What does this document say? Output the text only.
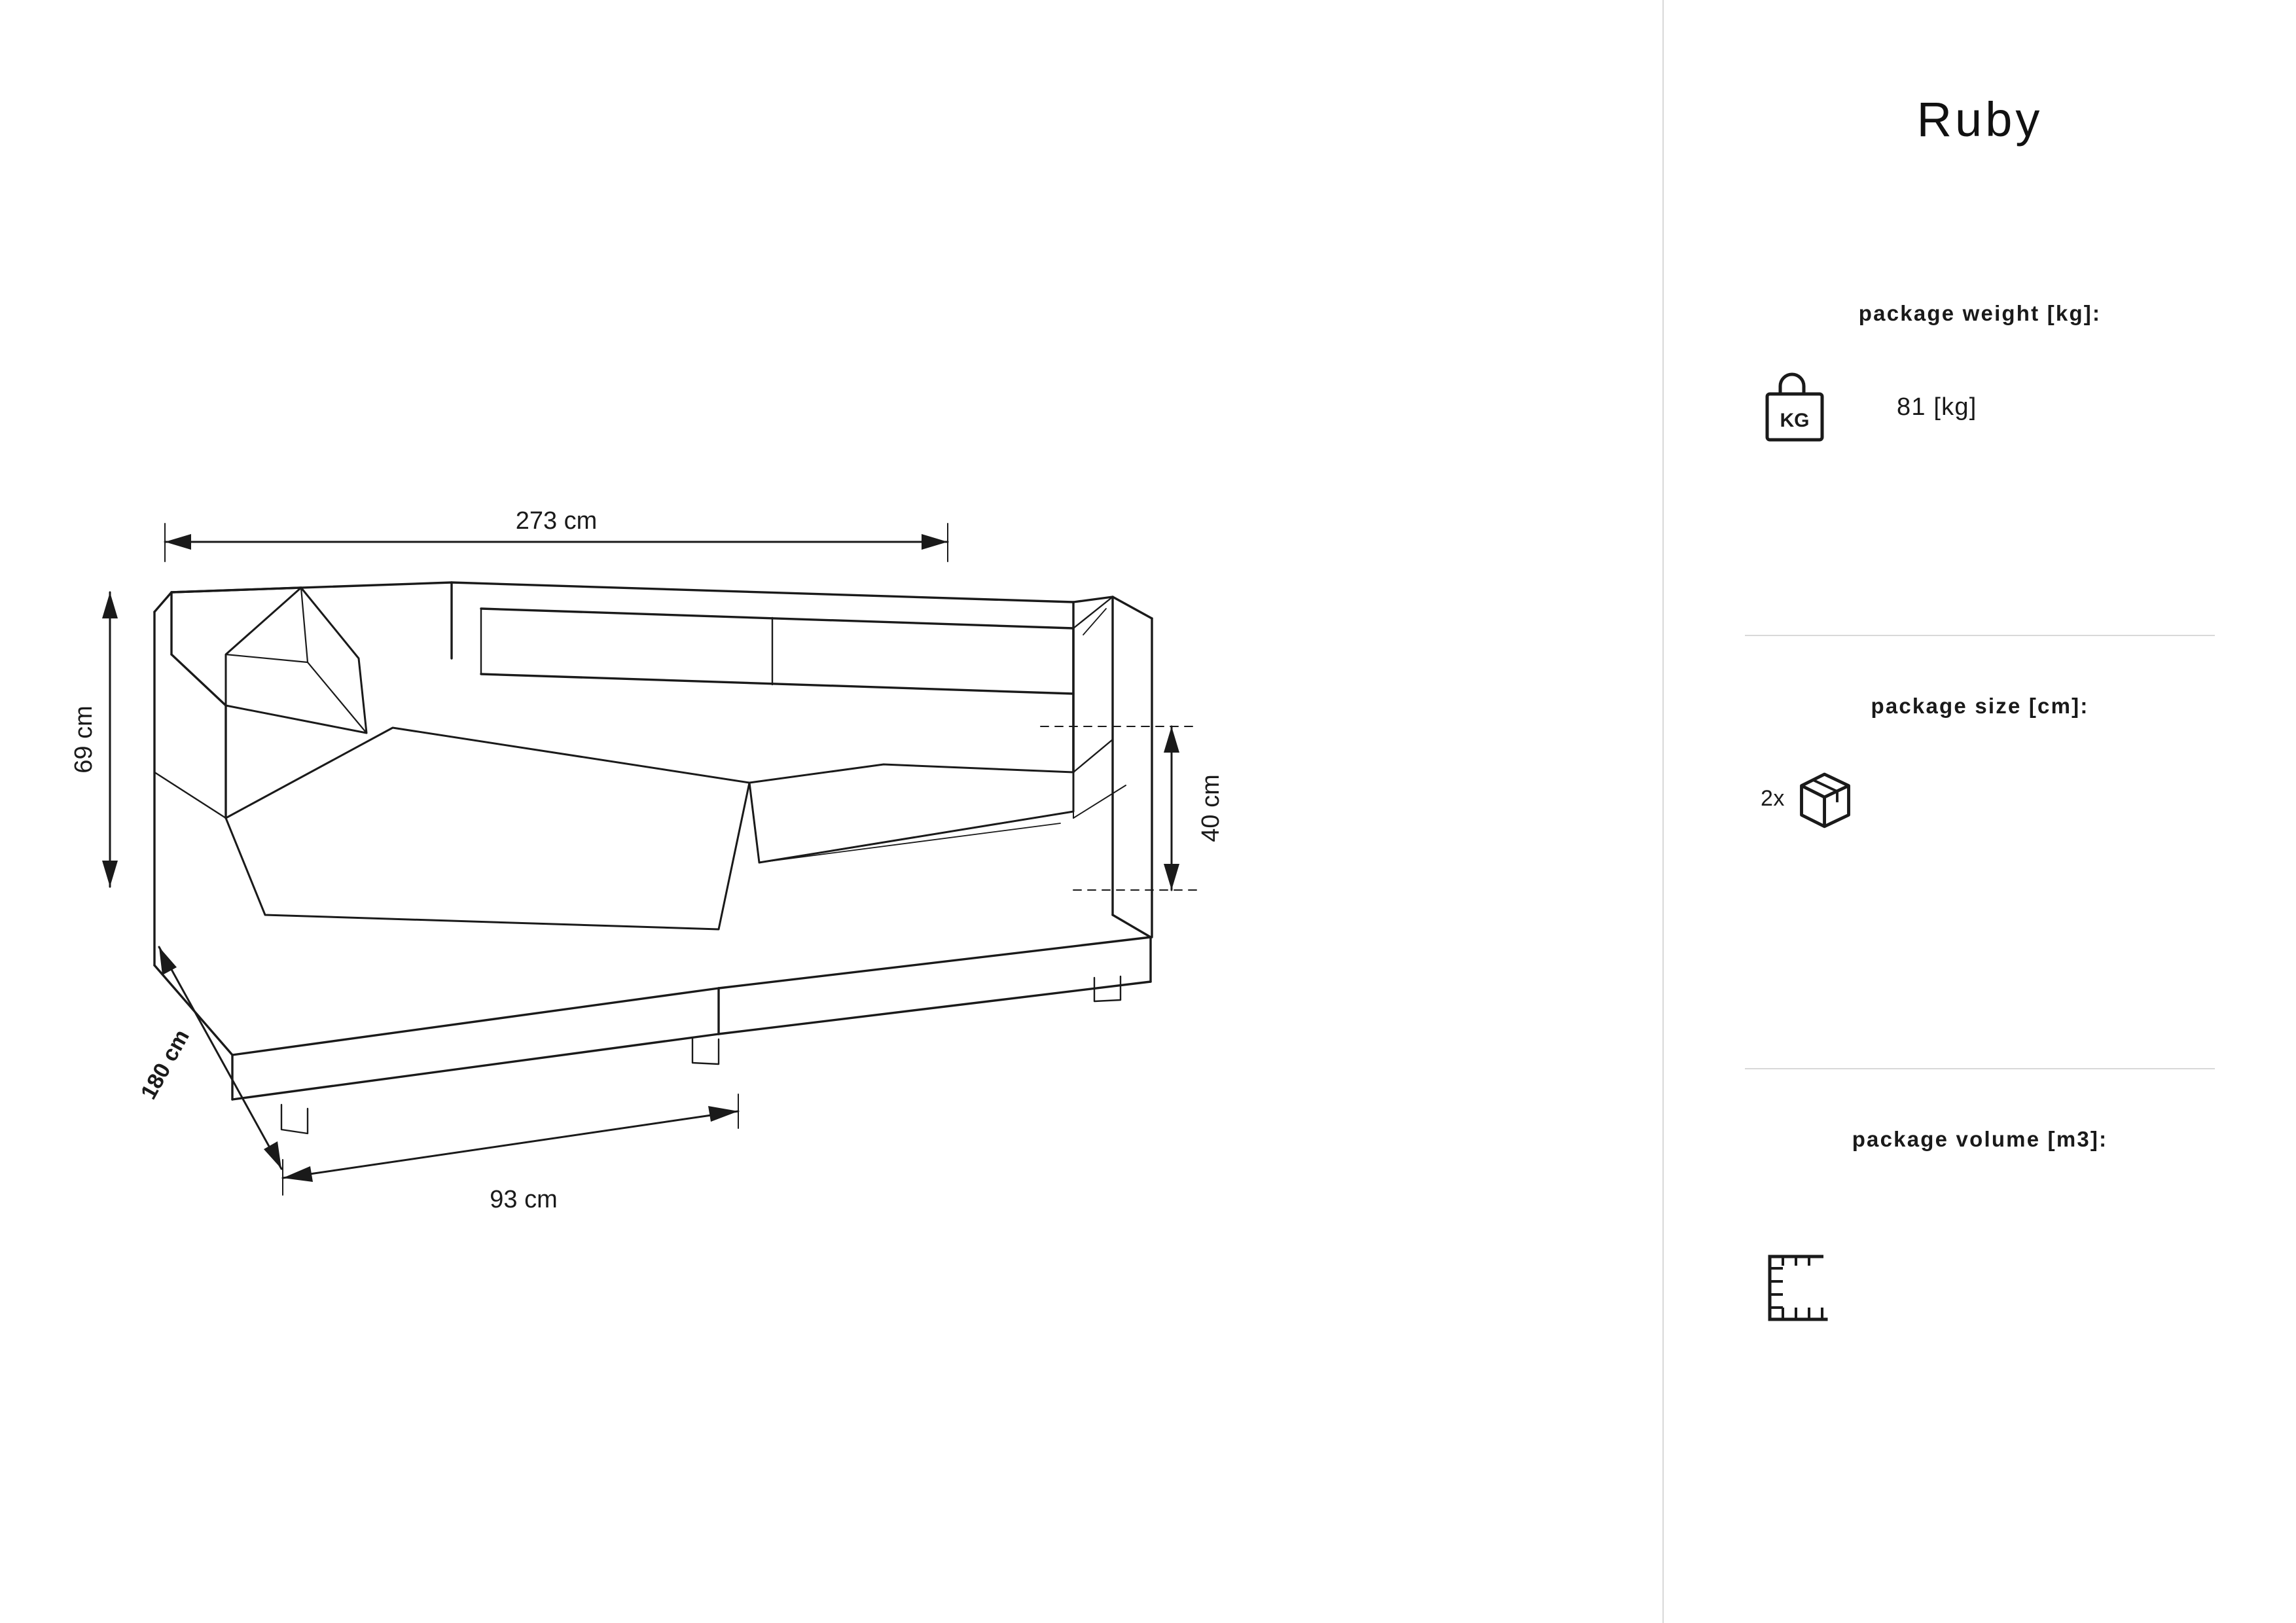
273 cm
69 cm
40 cm
180 cm
93 cm
Ruby
package weight [kg]:
KG	81 [kg]
package size [cm]:
2x
package volume [m3]:
